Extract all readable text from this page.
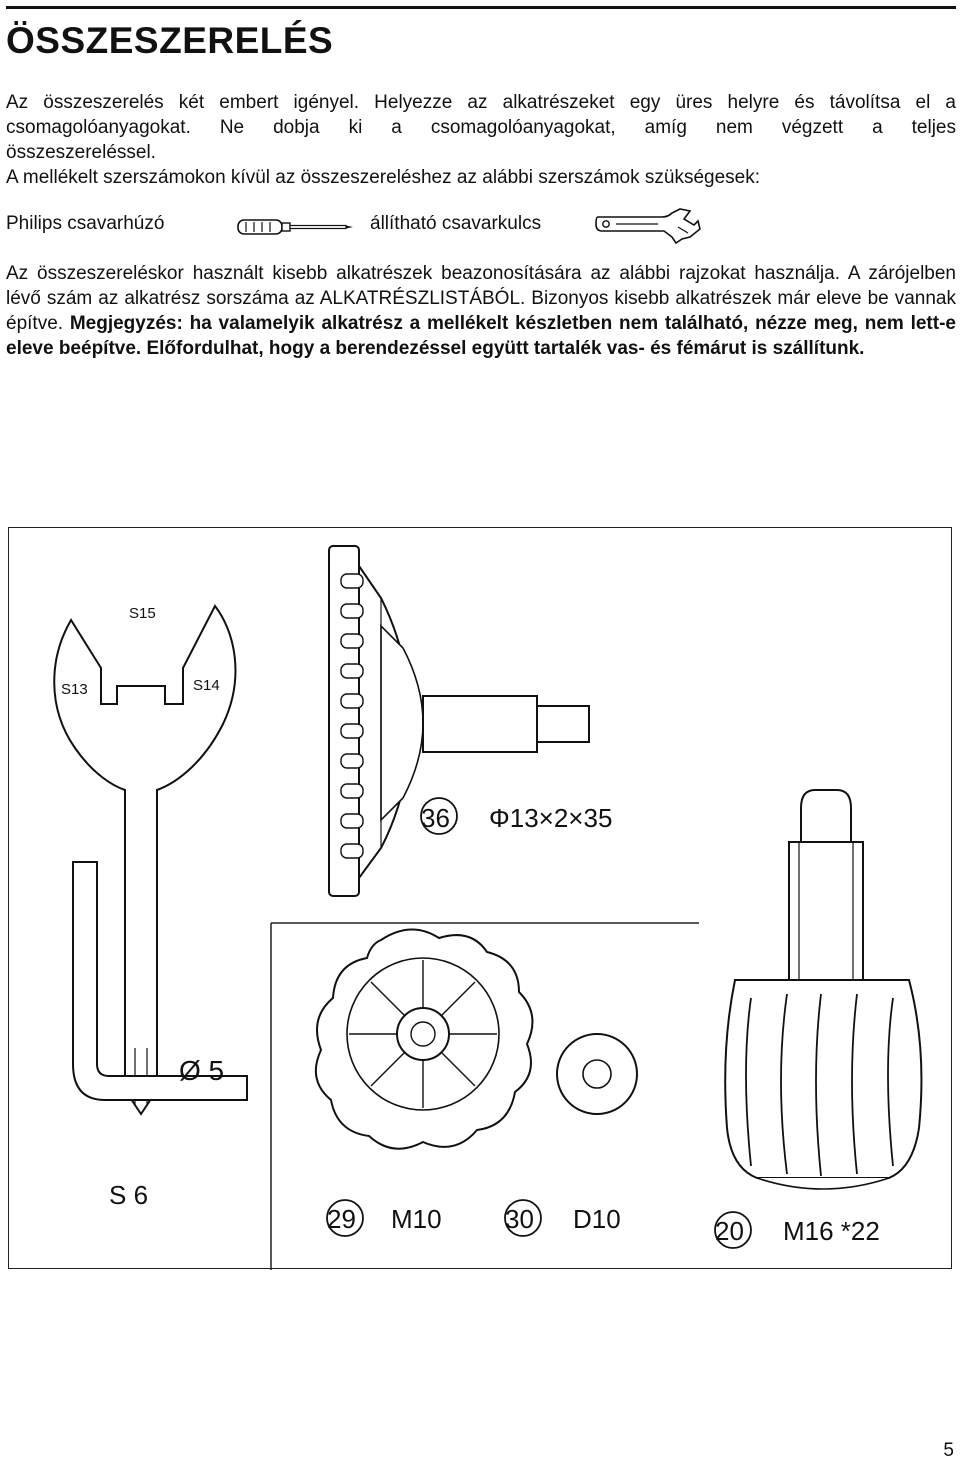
ÖSSZESZERELÉS
Az összeszerelés két embert igényel. Helyezze az alkatrészeket egy üres helyre és távolítsa el a
csomagolóanyagokat. Ne dobja ki a csomagolóanyagokat, amíg nem végzett a teljes
összeszereléssel.
A mellékelt szerszámokon kívül az összeszereléshez az alábbi szerszámok szükségesek:
Philips csavarhúzó	állítható csavarkulcs

Az összeszereléskor használt kisebb alkatrészek beazonosítására az alábbi rajzokat használja. A zárójelben lévő szám az alkatrész sorszáma az ALKATRÉSZLISTÁBÓL. Bizonyos kisebb alkatrészek már eleve be vannak építve. Megjegyzés: ha valamelyik alkatrész a mellékelt készletben nem található, nézze meg, nem lett-e eleve beépítve. Előfordulhat, hogy a berendezéssel együtt tartalék vas- és fémárut is szállítunk.

S15
S13	S14
Ø 5
S 6
36 Φ13×2×35
29 M10 30 D10	20 M16 *22
5
